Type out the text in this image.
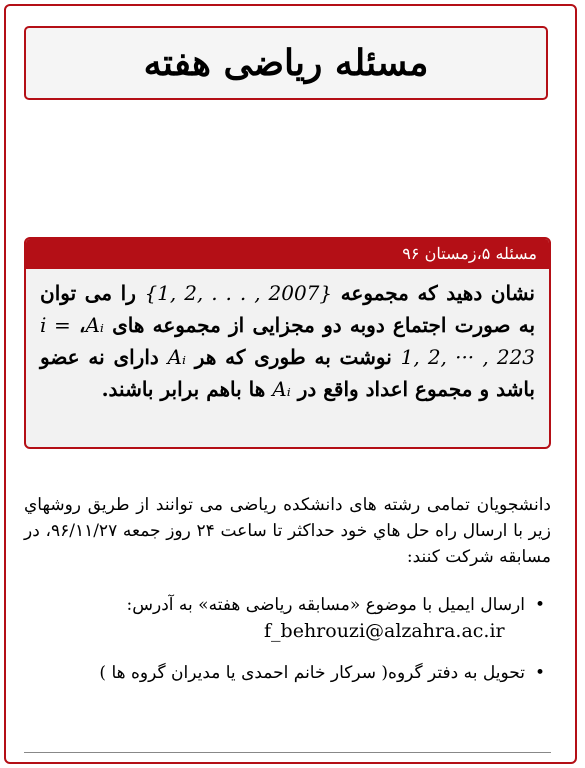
مسئله ریاضی هفته
مسئله ۵،زمستان ۹۶
نشان دهید که مجموعه {1, 2, . . . , 2007} را می توان به صورت اجتماع دوبه دو مجزایی از مجموعه های Aᵢ، i = 1, 2, ··· , 223 نوشت به طوری که هر Aᵢ دارای نه عضو باشد و مجموع اعداد واقع در Aᵢ ها باهم برابر باشند.
دانشجویان تمامی رشته های دانشکده ریاضی می توانند از طریق روشهاي زیر با ارسال راه حل هاي خود حداکثر تا ساعت ۲۴ روز جمعه ۹۶/۱۱/۲۷، در مسابقه شرکت کنند:
•
ارسال ایمیل با موضوع «مسابقه ریاضی هفته» به آدرس:
f_behrouzi@alzahra.ac.ir
•
تحویل به دفتر گروه( سرکار خانم احمدی یا مدیران گروه ها )
